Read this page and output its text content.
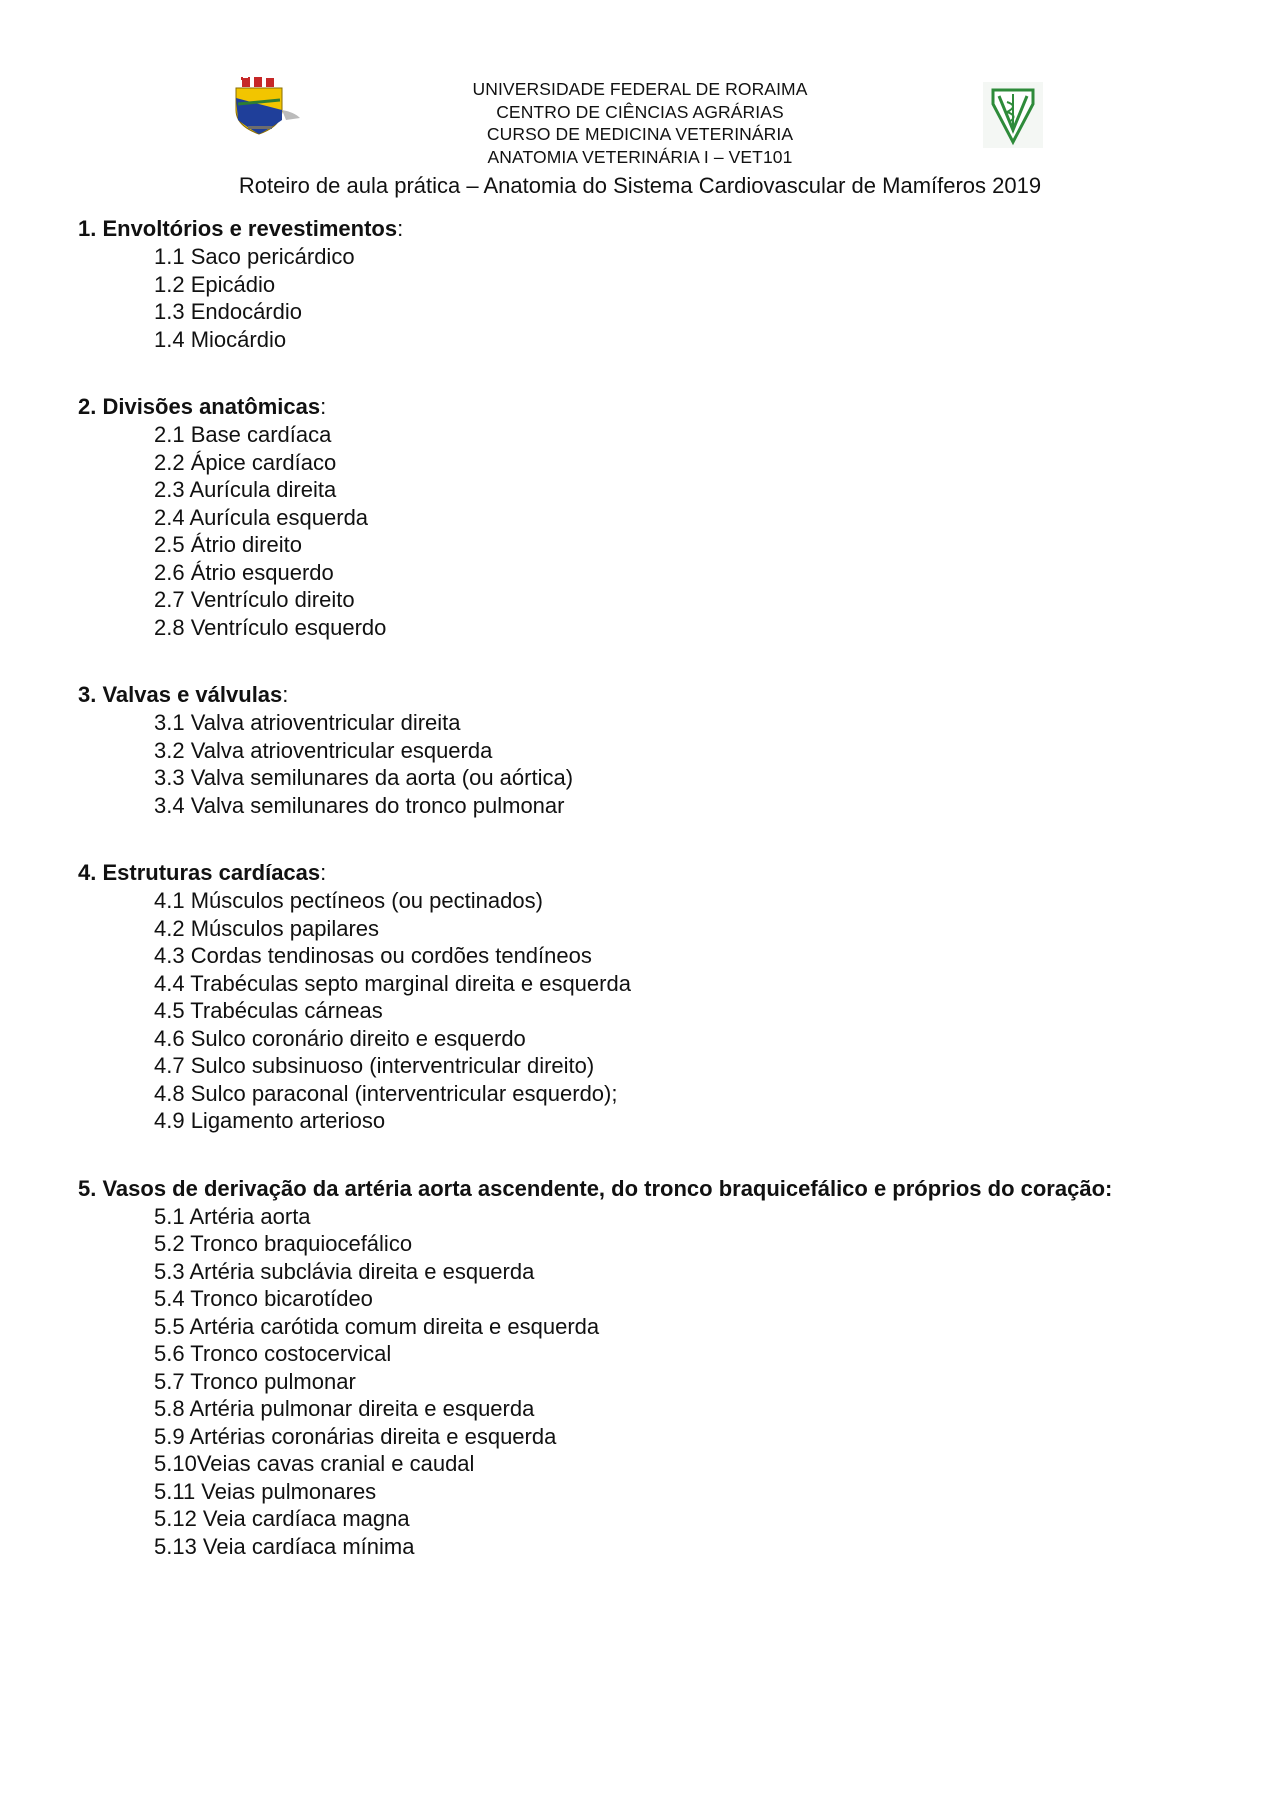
UNIVERSIDADE FEDERAL DE RORAIMA
CENTRO DE CIÊNCIAS AGRÁRIAS
CURSO DE MEDICINA VETERINÁRIA
ANATOMIA VETERINÁRIA I – VET101
Roteiro de aula prática – Anatomia do Sistema Cardiovascular de Mamíferos 2019
1. Envoltórios e revestimentos:
1.1 Saco pericárdico
1.2 Epicádio
1.3 Endocárdio
1.4 Miocárdio
2. Divisões anatômicas:
2.1 Base cardíaca
2.2 Ápice cardíaco
2.3 Aurícula direita
2.4 Aurícula esquerda
2.5 Átrio direito
2.6 Átrio esquerdo
2.7 Ventrículo direito
2.8 Ventrículo esquerdo
3. Valvas e válvulas:
3.1 Valva atrioventricular direita
3.2 Valva atrioventricular esquerda
3.3 Valva semilunares da aorta (ou aórtica)
3.4 Valva semilunares do tronco pulmonar
4. Estruturas cardíacas:
4.1 Músculos pectíneos (ou pectinados)
4.2 Músculos papilares
4.3 Cordas tendinosas ou cordões tendíneos
4.4 Trabéculas septo marginal direita e esquerda
4.5 Trabéculas cárneas
4.6 Sulco coronário direito e esquerdo
4.7 Sulco subsinuoso (interventricular direito)
4.8 Sulco paraconal (interventricular esquerdo);
4.9 Ligamento arterioso
5. Vasos de derivação da artéria aorta ascendente, do tronco braquicefálico e próprios do coração:
5.1 Artéria aorta
5.2 Tronco braquiocefálico
5.3 Artéria subclávia direita e esquerda
5.4 Tronco bicarotídeo
5.5 Artéria carótida comum direita e esquerda
5.6 Tronco costocervical
5.7 Tronco pulmonar
5.8 Artéria pulmonar direita e esquerda
5.9 Artérias coronárias direita e esquerda
5.10Veias cavas cranial e caudal
5.11 Veias pulmonares
5.12 Veia cardíaca magna
5.13 Veia cardíaca mínima
